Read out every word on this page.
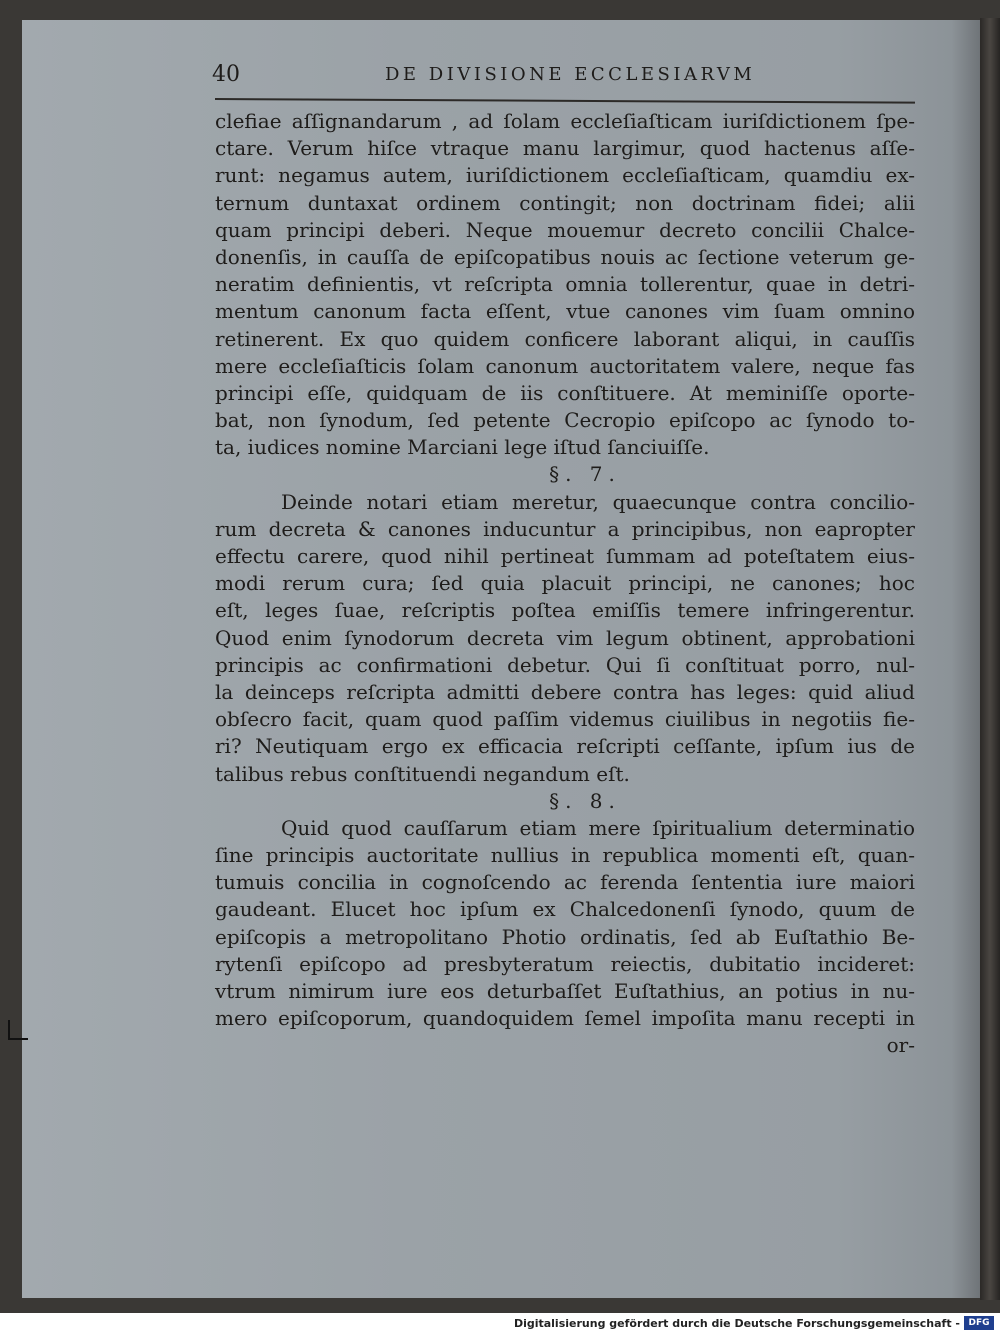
40	DE DIVISIONE ECCLESIARVM
clefiae aſſignandarum , ad ſolam eccleſiaſticam iuriſdictionem ſpe-
ctare. Verum hiſce vtraque manu largimur, quod hactenus aſſe-
runt: negamus autem, iuriſdictionem eccleſiaſticam, quamdiu ex-
ternum duntaxat ordinem contingit; non doctrinam fidei; alii
quam principi deberi. Neque mouemur decreto concilii Chalce-
donenſis, in cauſſa de epiſcopatibus nouis ac ſectione veterum ge-
neratim definientis, vt reſcripta omnia tollerentur, quae in detri-
mentum canonum facta eſſent, vtue canones vim ſuam omnino
retinerent. Ex quo quidem conficere laborant aliqui, in cauſſis
mere eccleſiaſticis ſolam canonum auctoritatem valere, neque fas
principi eſſe, quidquam de iis conſtituere. At meminiſſe oporte-
bat, non ſynodum, ſed petente Cecropio epiſcopo ac ſynodo to-
ta, iudices nomine Marciani lege iſtud ſanciuiſſe.
§. 7.
Deinde notari etiam meretur, quaecunque contra concilio-
rum decreta & canones inducuntur a principibus, non eapropter
effectu carere, quod nihil pertineat ſummam ad poteſtatem eius-
modi rerum cura; ſed quia placuit principi, ne canones; hoc
eſt, leges ſuae, reſcriptis poſtea emiſſis temere infringerentur.
Quod enim ſynodorum decreta vim legum obtinent, approbationi
principis ac confirmationi debetur. Qui ſi conſtituat porro, nul-
la deinceps reſcripta admitti debere contra has leges: quid aliud
obſecro facit, quam quod paſſim videmus ciuilibus in negotiis fie-
ri? Neutiquam ergo ex efficacia reſcripti ceſſante, ipſum ius de
talibus rebus conſtituendi negandum eſt.
§. 8.
Quid quod cauſſarum etiam mere ſpiritualium determinatio
ſine principis auctoritate nullius in republica momenti eſt, quan-
tumuis concilia in cognoſcendo ac ferenda ſententia iure maiori
gaudeant. Elucet hoc ipſum ex Chalcedonenſi ſynodo, quum de
epiſcopis a metropolitano Photio ordinatis, ſed ab Euſtathio Be-
rytenſi epiſcopo ad presbyteratum reiectis, dubitatio incideret:
vtrum nimirum iure eos deturbaſſet Euſtathius, an potius in nu-
mero epiſcoporum, quandoquidem ſemel impoſita manu recepti in
or-
Digitalisierung gefördert durch die Deutsche Forschungsgemeinschaft - DFG
